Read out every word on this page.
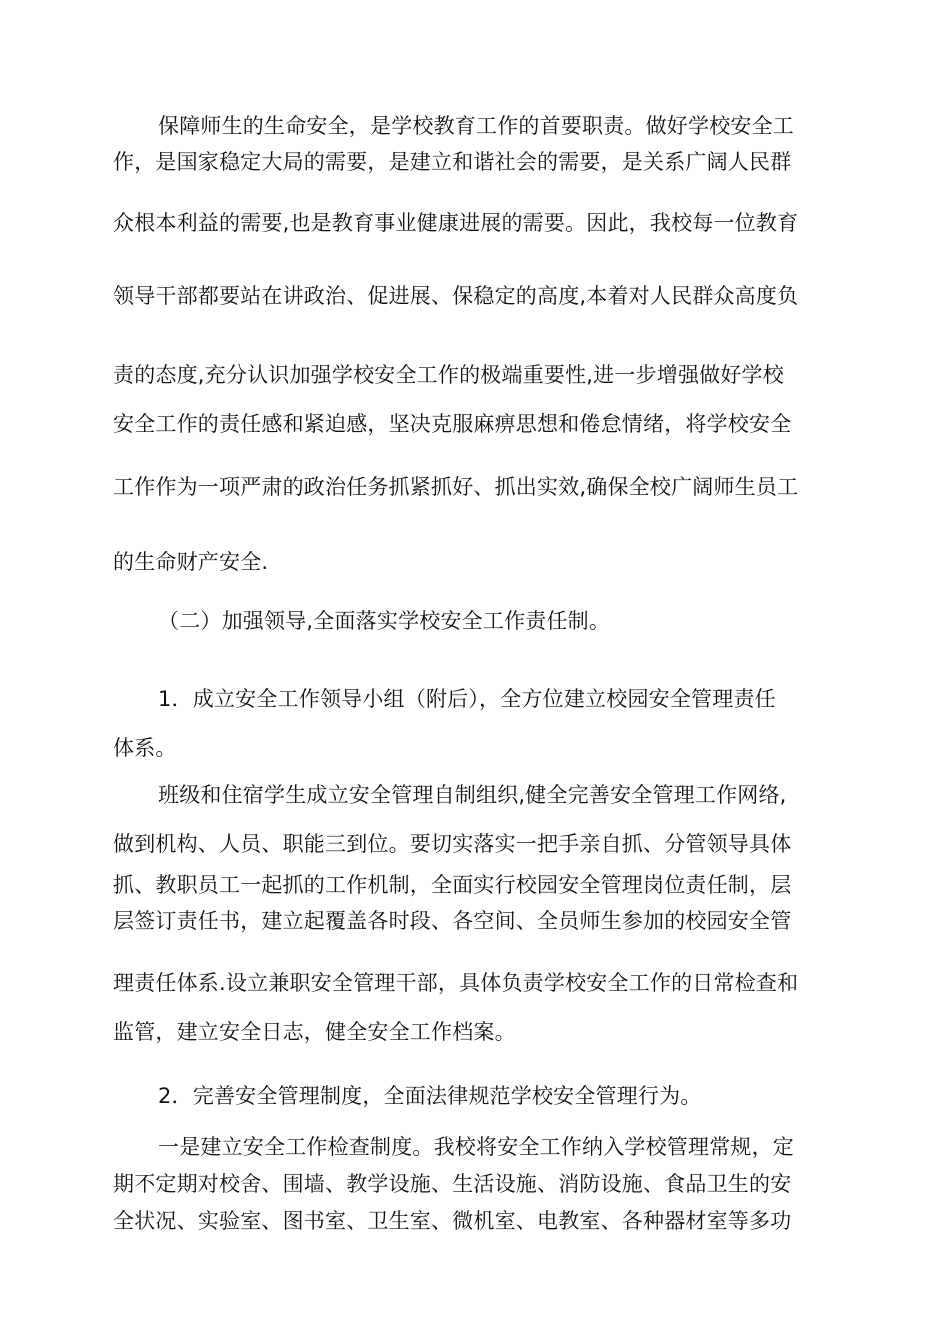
保障师生的生命安全，是学校教育工作的首要职责。做好学校安全工
作，是国家稳定大局的需要，是建立和谐社会的需要，是关系广阔人民群
众根本利益的需要,也是教育事业健康进展的需要。因此，我校每一位教育
领导干部都要站在讲政治、促进展、保稳定的高度,本着对人民群众高度负
责的态度,充分认识加强学校安全工作的极端重要性,进一步增强做好学校
安全工作的责任感和紧迫感，坚决克服麻痹思想和倦怠情绪，将学校安全
工作作为一项严肃的政治任务抓紧抓好、抓出实效,确保全校广阔师生员工
的生命财产安全.
（二）加强领导,全面落实学校安全工作责任制。
1．成立安全工作领导小组（附后），全方位建立校园安全管理责任
体系。
班级和住宿学生成立安全管理自制组织,健全完善安全管理工作网络,
做到机构、人员、职能三到位。要切实落实一把手亲自抓、分管领导具体
抓、教职员工一起抓的工作机制，全面实行校园安全管理岗位责任制，层
层签订责任书，建立起覆盖各时段、各空间、全员师生参加的校园安全管
理责任体系.设立兼职安全管理干部，具体负责学校安全工作的日常检查和
监管，建立安全日志，健全安全工作档案。
2．完善安全管理制度，全面法律规范学校安全管理行为。
一是建立安全工作检查制度。我校将安全工作纳入学校管理常规，定
期不定期对校舍、围墙、教学设施、生活设施、消防设施、食品卫生的安
全状况、实验室、图书室、卫生室、微机室、电教室、各种器材室等多功
